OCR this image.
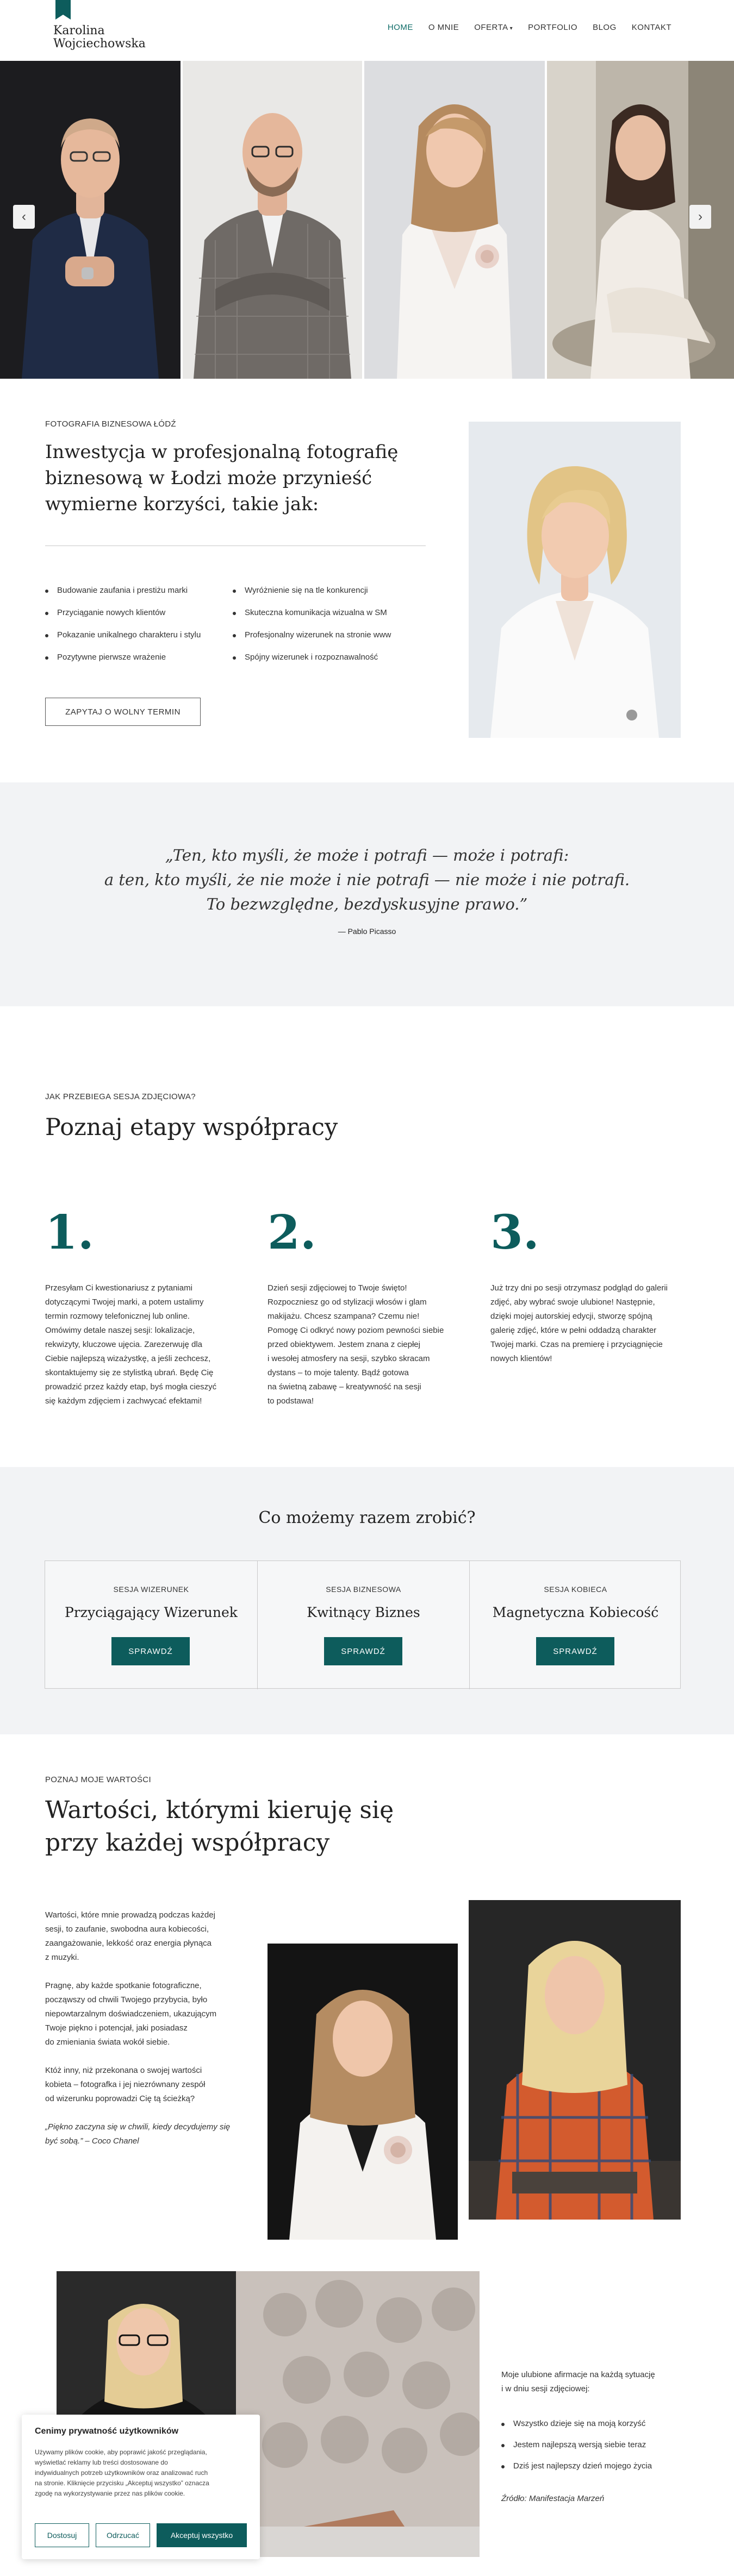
Karolina
Wojciechowska
HOME O MNIE OFERTA ▾ PORTFOLIO BLOG KONTAKT
‹	›
FOTOGRAFIA BIZNESOWA ŁÓDŹ
Inwestycja w profesjonalną fotografię
biznesową w Łodzi może przynieść
wymierne korzyści, takie jak:
Budowanie zaufania i prestiżu marki
Przyciąganie nowych klientów
Pokazanie unikalnego charakteru i stylu
Pozytywne pierwsze wrażenie
Wyróżnienie się na tle konkurencji
Skuteczna komunikacja wizualna w SM
Profesjonalny wizerunek na stronie www
Spójny wizerunek i rozpoznawalność
ZAPYTAJ O WOLNY TERMIN
„Ten, kto myśli, że może i potrafi — może i potrafi:
a ten, kto myśli, że nie może i nie potrafi — nie może i nie potrafi.
To bezwzględne, bezdyskusyjne prawo.”
— Pablo Picasso
JAK PRZEBIEGA SESJA ZDJĘCIOWA?
Poznaj etapy współpracy
1.
Przesyłam Ci kwestionariusz z pytaniami
dotyczącymi Twojej marki, a potem ustalimy
termin rozmowy telefonicznej lub online.
Omówimy detale naszej sesji: lokalizacje,
rekwizyty, kluczowe ujęcia. Zarezerwuję dla
Ciebie najlepszą wizażystkę, a jeśli zechcesz,
skontaktujemy się ze stylistką ubrań. Będę Cię
prowadzić przez każdy etap, byś mogła cieszyć
się każdym zdjęciem i zachwycać efektami!
2.
Dzień sesji zdjęciowej to Twoje święto!
Rozpoczniesz go od stylizacji włosów i glam
makijażu. Chcesz szampana? Czemu nie!
Pomogę Ci odkryć nowy poziom pewności siebie
przed obiektywem. Jestem znana z ciepłej
i wesołej atmosfery na sesji, szybko skracam
dystans – to moje talenty. Bądź gotowa
na świetną zabawę – kreatywność na sesji
to podstawa!
3.
Już trzy dni po sesji otrzymasz podgląd do galerii
zdjęć, aby wybrać swoje ulubione! Następnie,
dzięki mojej autorskiej edycji, stworzę spójną
galerię zdjęć, które w pełni oddadzą charakter
Twojej marki. Czas na premierę i przyciągnięcie
nowych klientów!
Co możemy razem zrobić?
SESJA WIZERUNEK
Przyciągający Wizerunek
SPRAWDŹ
SESJA BIZNESOWA
Kwitnący Biznes
SPRAWDŹ
SESJA KOBIECA
Magnetyczna Kobiecość
SPRAWDŹ
POZNAJ MOJE WARTOŚCI
Wartości, którymi kieruję się
przy każdej współpracy
Wartości, które mnie prowadzą podczas każdej
sesji, to zaufanie, swobodna aura kobiecości,
zaangażowanie, lekkość oraz energia płynąca
z muzyki.
Pragnę, aby każde spotkanie fotograficzne,
począwszy od chwili Twojego przybycia, było
niepowtarzalnym doświadczeniem, ukazującym
Twoje piękno i potencjał, jaki posiadasz
do zmieniania świata wokół siebie.
Któż inny, niż przekonana o swojej wartości
kobieta – fotografka i jej niezrównany zespół
od wizerunku poprowadzi Cię tą ścieżką?
„Piękno zaczyna się w chwili, kiedy decydujemy się
być sobą.” – Coco Chanel
Moje ulubione afirmacje na każdą sytuację
i w dniu sesji zdjęciowej:
Wszystko dzieje się na moją korzyść
Jestem najlepszą wersją siebie teraz
Dziś jest najlepszy dzień mojego życia
Źródło: Manifestacja Marzeń
Cenimy prywatność użytkowników
Używamy plików cookie, aby poprawić jakość przeglądania,
wyświetlać reklamy lub treści dostosowane do
indywidualnych potrzeb użytkowników oraz analizować ruch
na stronie. Kliknięcie przycisku „Akceptuj wszystko” oznacza
zgodę na wykorzystywanie przez nas plików cookie.
Dostosuj	Odrzucać	Akceptuj wszystko
